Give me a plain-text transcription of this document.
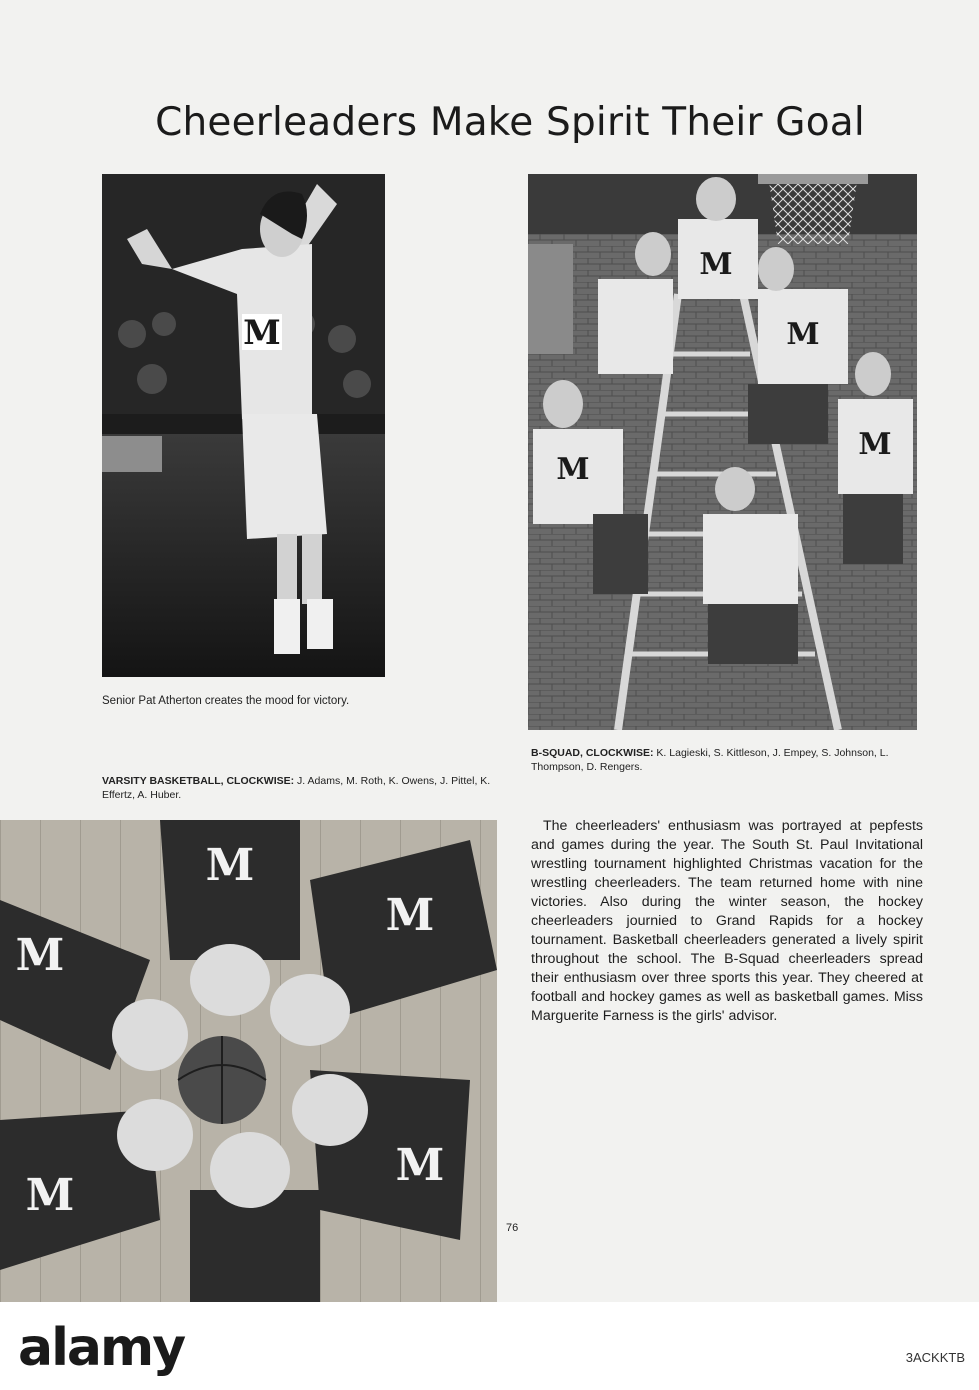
Cheerleaders Make Spirit Their Goal
M
M
M
M
M
M
M
M
M
M
Senior Pat Atherton creates the mood for victory.
VARSITY BASKETBALL, CLOCKWISE: J. Adams, M. Roth, K. Owens, J. Pittel, K. Effertz, A. Huber.
B-SQUAD, CLOCKWISE: K. Lagieski, S. Kittleson, J. Empey, S. Johnson, L. Thompson, D. Rengers.

The cheerleaders' enthusiasm was portrayed at pepfests and games during the year. The South St. Paul Invitational wrestling tournament highlighted Christmas vacation for the wrestling cheerleaders. The team returned home with nine victories. Also during the winter season, the hockey cheerleaders journied to Grand Rapids for a hockey tournament. Basketball cheerleaders generated a lively spirit throughout the school. The B-Squad cheerleaders spread their enthusiasm over three sports this year. They cheered at football and hockey games as well as basketball games. Miss Marguerite Farness is the girls' advisor.

76
alamy	3ACKKTB
